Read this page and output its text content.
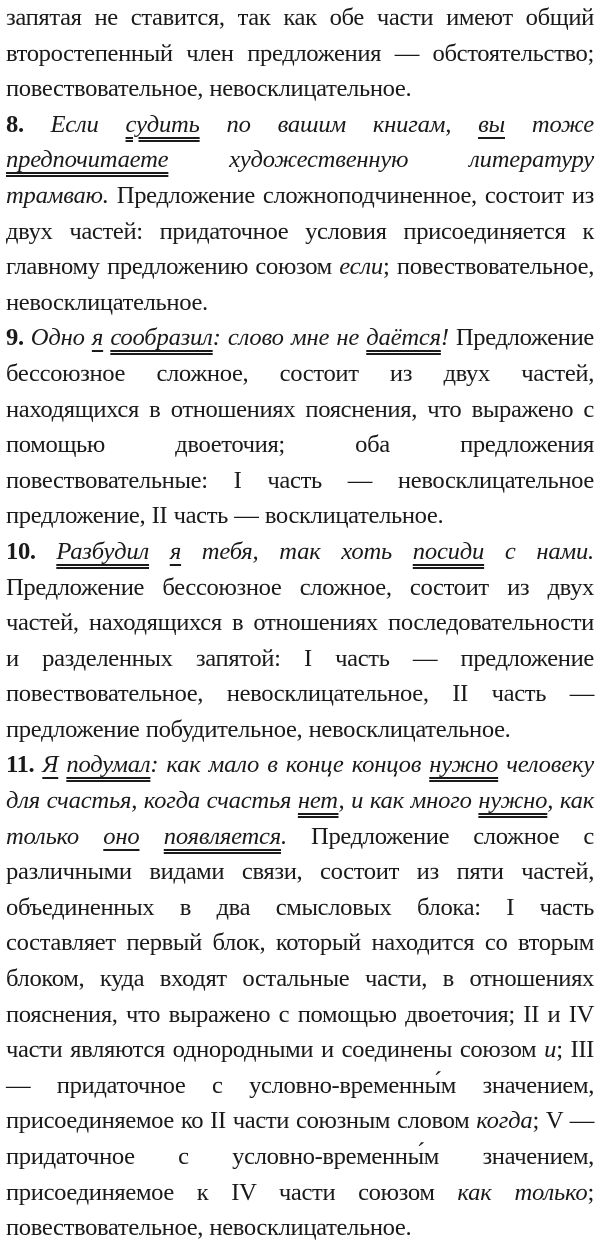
запятая не ставится, так как обе части имеют общий второстепенный член предложения — обстоятельство; повествовательное, невосклицательное.

8. Если судить по вашим книгам, вы тоже предпочитаете художественную литературу трамваю. Предложение сложноподчиненное, состоит из двух частей: придаточное условия присоединяется к главному предложению союзом если; повествовательное, невосклицательное.

9. Одно я сообразил: слово мне не даётся! Предложение бессоюзное сложное, состоит из двух частей, находящихся в отношениях пояснения, что выражено с помощью двоеточия; оба предложения повествовательные: I часть — невосклицательное предложение, II часть — восклицательное.

10. Разбудил я тебя, так хоть посиди с нами. Предложение бессоюзное сложное, состоит из двух частей, находящихся в отношениях последовательности и разделенных запятой: I часть — предложение повествовательное, невосклицательное, II часть — предложение побудительное, невосклицательное.

11. Я подумал: как мало в конце концов нужно человеку для счастья, когда счастья нет, и как много нужно, как только оно появляется. Предложение сложное с различными видами связи, состоит из пяти частей, объединенных в два смысловых блока: I часть составляет первый блок, который находится со вторым блоком, куда входят остальные части, в отношениях пояснения, что выражено с помощью двоеточия; II и IV части являются однородными и соединены союзом и; III — придаточное с условно-временны́м значением, присоединяемое ко II части союзным словом когда; V — придаточное с условно-временны́м значением, присоединяемое к IV части союзом как только; повествовательное, невосклицательное.
